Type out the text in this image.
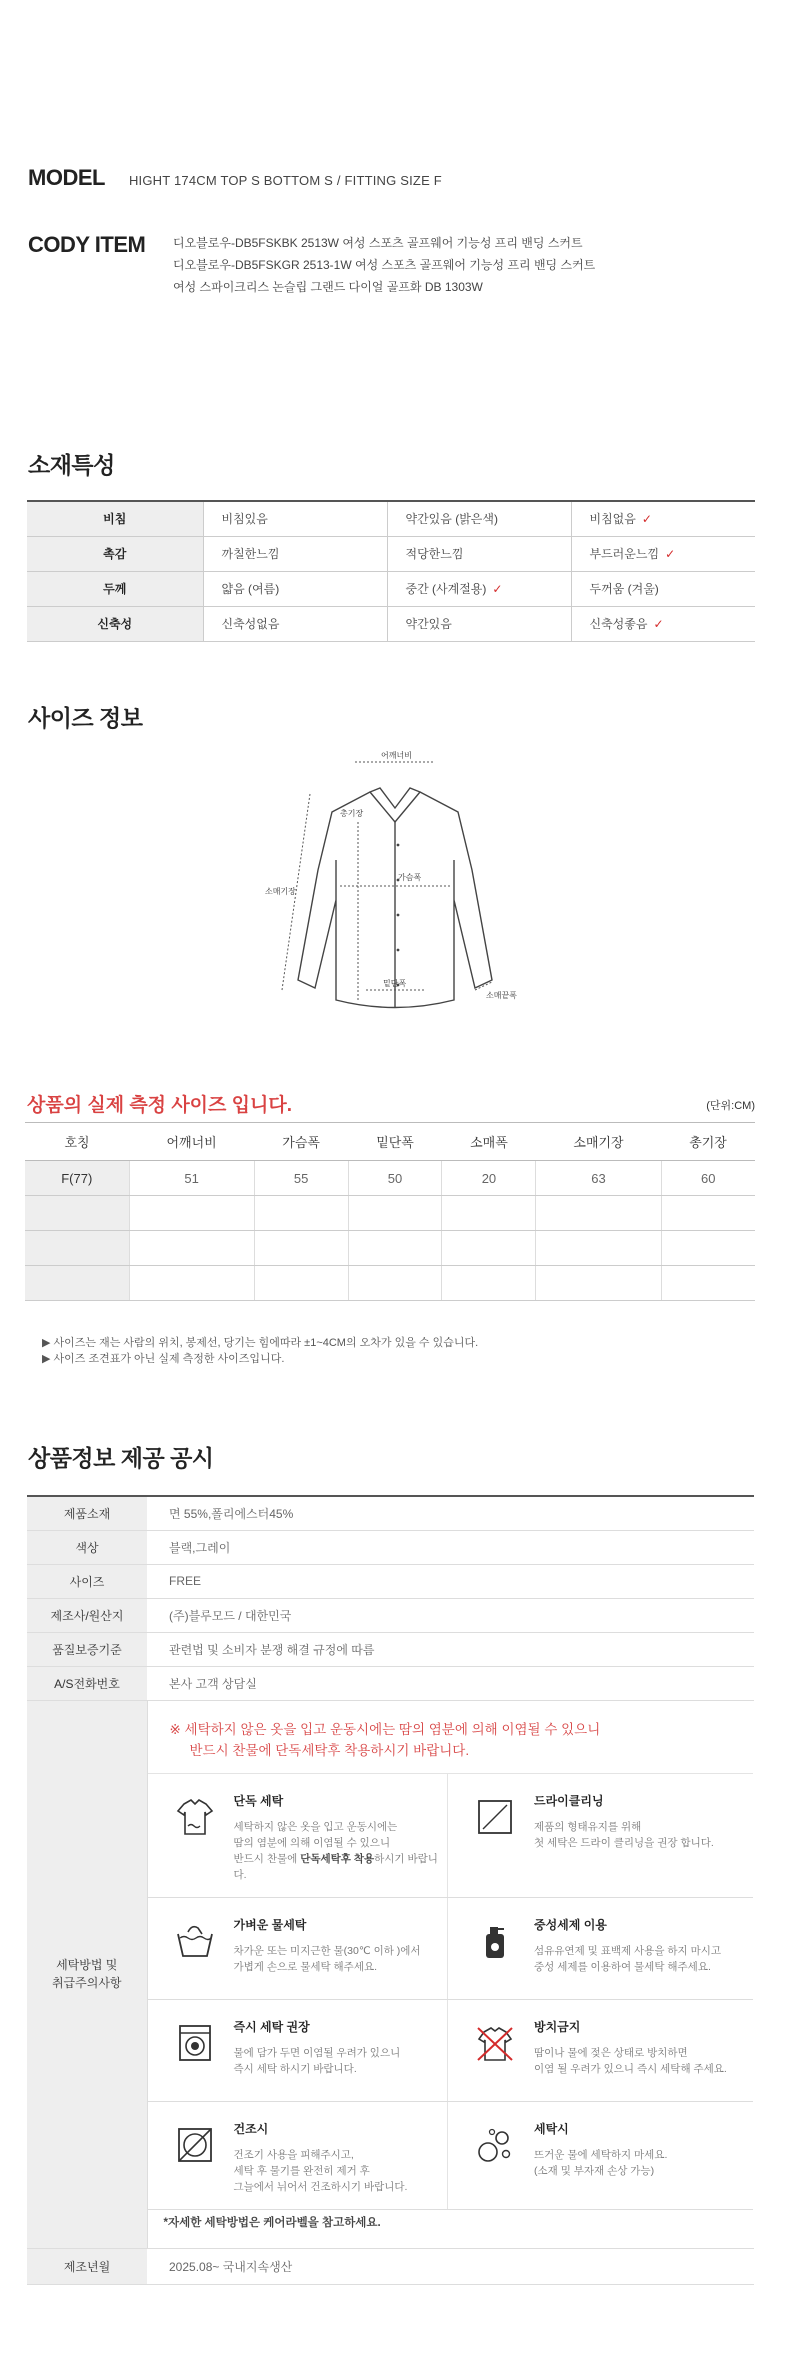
MODEL HIGHT 174CM TOP S BOTTOM S / FITTING SIZE F
CODY ITEM	디오블로우-DB5FSKBK 2513W 여성 스포츠 골프웨어 기능성 프리 밴딩 스커트
디오블로우-DB5FSKGR 2513-1W 여성 스포츠 골프웨어 기능성 프리 밴딩 스커트
여성 스파이크리스 논슬립 그랜드 다이얼 골프화 DB 1303W
소재특성
비침	비침있음	약간있음 (밝은색)	비침없음 ✓
촉감	까칠한느낌	적당한느낌	부드러운느낌 ✓
두께	얇음 (여름)	중간 (사계절용) ✓	두꺼움 (겨울)
신축성	신축성없음	약간있음	신축성좋음 ✓
사이즈 정보
어깨너비
총기장
가슴폭
소매기장
밑단폭
소매끝폭
상품의 실제 측정 사이즈 입니다.	(단위:CM)
호칭	어깨너비	가슴폭	밑단폭	소매폭	소매기장	총기장
F(77)	51	55	50	20	63	60

▶ 사이즈는 재는 사람의 위치, 봉제선, 당기는 힘에따라 ±1~4CM의 오차가 있을 수 있습니다.
▶ 사이즈 조견표가 아닌 실제 측정한 사이즈입니다.
상품정보 제공 공시
제품소재	면 55%,폴리에스터45%
색상	블랙,그레이
사이즈	FREE
제조사/원산지	(주)블루모드 / 대한민국
품질보증기준	관련법 및 소비자 분쟁 해결 규정에 따름
A/S전화번호	본사 고객 상담실
세탁방법 및
취급주의사항	
※ 세탁하지 않은 옷을 입고 운동시에는 땀의 염분에 의해 이염될 수 있으니
반드시 찬물에 단독세탁후 착용하시기 바랍니다.
단독 세탁
세탁하지 않은 옷을 입고 운동시에는
땀의 염분에 의해 이염될 수 있으니
반드시 찬물에 단독세탁후 착용하시기 바랍니다.

드라이클리닝
제품의 형태유지를 위해
첫 세탁은 드라이 클리닝을 권장 합니다.

가벼운 물세탁
차가운 또는 미지근한 물(30℃ 이하 )에서
가볍게 손으로 물세탁 해주세요.

중성세제 이용
섬유유연제 및 표백제 사용을 하지 마시고
중성 세제를 이용하여 물세탁 해주세요.

즉시 세탁 권장
물에 담가 두면 이염될 우려가 있으니
즉시 세탁 하시기 바랍니다.

방치금지
땀이나 물에 젖은 상태로 방치하면
이염 될 우려가 있으니 즉시 세탁해 주세요.

건조시
건조기 사용을 피해주시고,
세탁 후 물기를 완전히 제거 후
그늘에서 뉘어서 건조하시기 바랍니다.

세탁시
뜨거운 물에 세탁하지 마세요.
(소재 및 부자재 손상 가능)
*자세한 세탁방법은 케어라벨을 참고하세요.

제조년월	2025.08~ 국내지속생산
